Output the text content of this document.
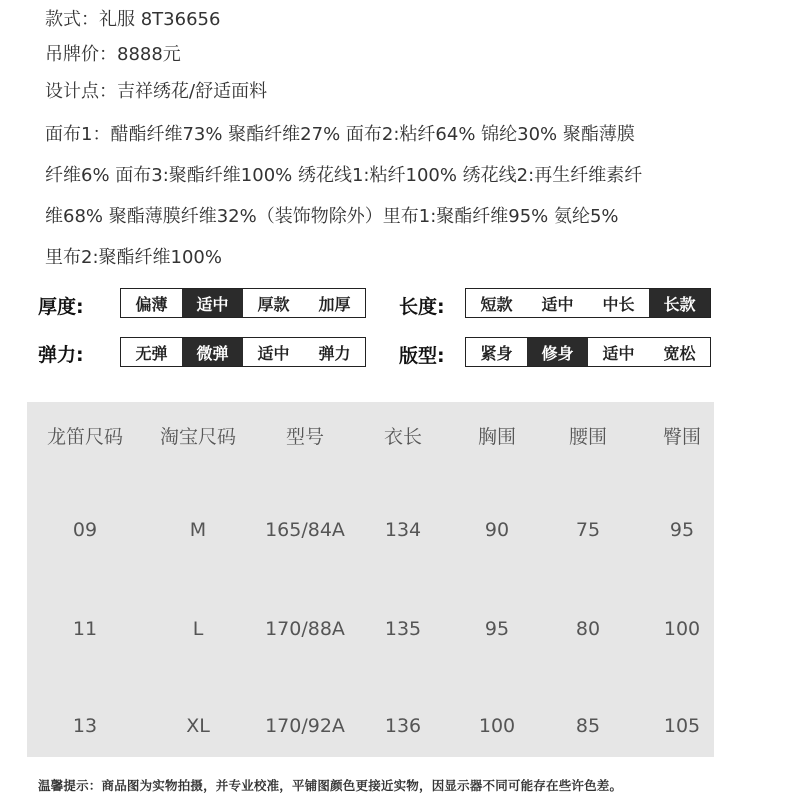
款式：礼服 8T36656
吊牌价：8888元
设计点：吉祥绣花/舒适面料
面布1：醋酯纤维73% 聚酯纤维27% 面布2:粘纤64% 锦纶30% 聚酯薄膜
纤维6% 面布3:聚酯纤维100% 绣花线1:粘纤100% 绣花线2:再生纤维素纤
维68% 聚酯薄膜纤维32%（装饰物除外）里布1:聚酯纤维95% 氨纶5%
里布2:聚酯纤维100%
厚度:	偏薄	适中	厚款	加厚	长度:	短款	适中	中长	长款
弹力:	无弹	微弹	适中	弹力	版型:	紧身	修身	适中	宽松
龙笛尺码 淘宝尺码	型号	衣长	胸围	腰围	臀围
09	M	165/84A 134	90	75	95
11	L	170/88A 135	95	80	100
13	XL	170/92A 136	100	85	105
温馨提示：商品图为实物拍摄，并专业校准，平铺图颜色更接近实物，因显示器不同可能存在些许色差。
